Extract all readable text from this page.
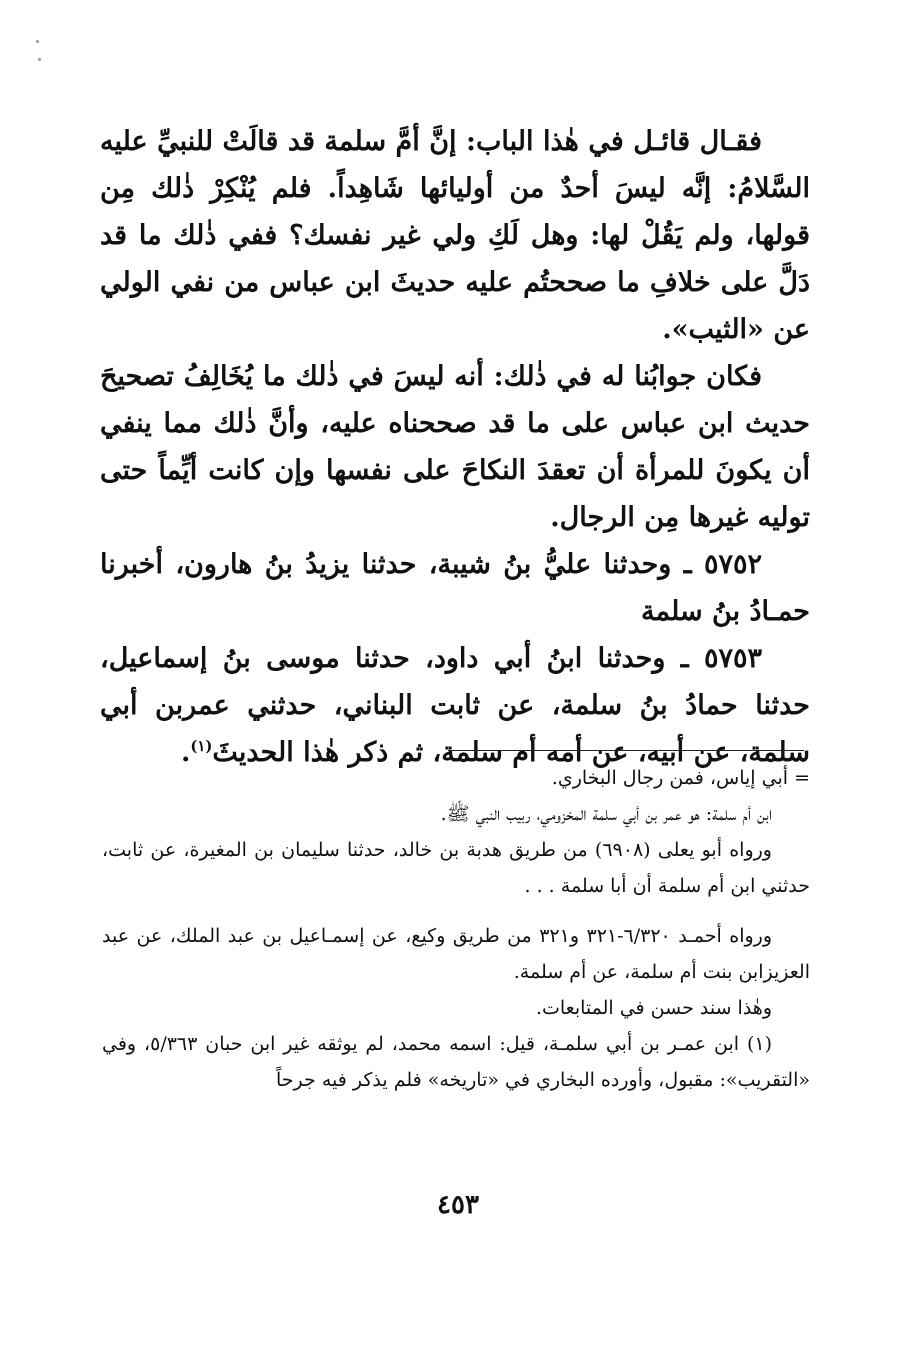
فقـال قائـل في هٰذا الباب: إنَّ أمَّ سلمة قد قالَتْ للنبيِّ عليه السَّلامُ: إنَّه ليسَ أحدٌ من أوليائها شَاهِداً. فلم يُنْكِرْ ذٰلك مِن قولها، ولم يَقُلْ لها: وهل لَكِ ولي غير نفسك؟ ففي ذٰلك ما قد دَلَّ على خلافِ ما صححتُم عليه حديثَ ابن عباس من نفي الولي عن «الثيب».

فكان جوابُنا له في ذٰلك: أنه ليسَ في ذٰلك ما يُخَالِفُ تصحيحَ حديث ابن عباس على ما قد صححناه عليه، وأنَّ ذٰلك مما ينفي أن يكونَ للمرأة أن تعقدَ النكاحَ على نفسها وإن كانت أيِّماً حتى توليه غيرها مِن الرجال.

٥٧٥٢ ـ وحدثنا عليُّ بنُ شيبة، حدثنا يزيدُ بنُ هارون، أخبرنا حمـادُ بنُ سلمة

٥٧٥٣ ـ وحدثنا ابنُ أبي داود، حدثنا موسى بنُ إسماعيل، حدثنا حمادُ بنُ سلمة، عن ثابت البناني، حدثني عمربن أبي سلمة، عن أبيه، عن أمه أم سلمة، ثم ذكر هٰذا الحديثَ$^{(١)}$.

= أبي إياس، فمن رجال البخاري.

ابن أم سلمة: هو عمر بن أبي سلمة المخزومي، ربيب النبي ﷺ.

ورواه أبو يعلى (٦٩٠٨) من طريق هدبة بن خالد، حدثنا سليمان بن المغيرة، عن ثابت، حدثني ابن أم سلمة أن أبا سلمة . . .

ورواه أحمـد ٦/٣٢٠-٣٢١ و٣٢١ من طريق وكيع، عن إسمـاعيل بن عبد الملك، عن عبد العزيزابن بنت أم سلمة، عن أم سلمة.

وهٰذا سند حسن في المتابعات.

(١) ابن عمـر بن أبي سلمـة، قيل: اسمه محمد، لم يوثقه غير ابن حبان ٥/٣٦٣، وفي «التقريب»: مقبول، وأورده البخاري في «تاريخه» فلم يذكر فيه جرحاً

٤٥٣
